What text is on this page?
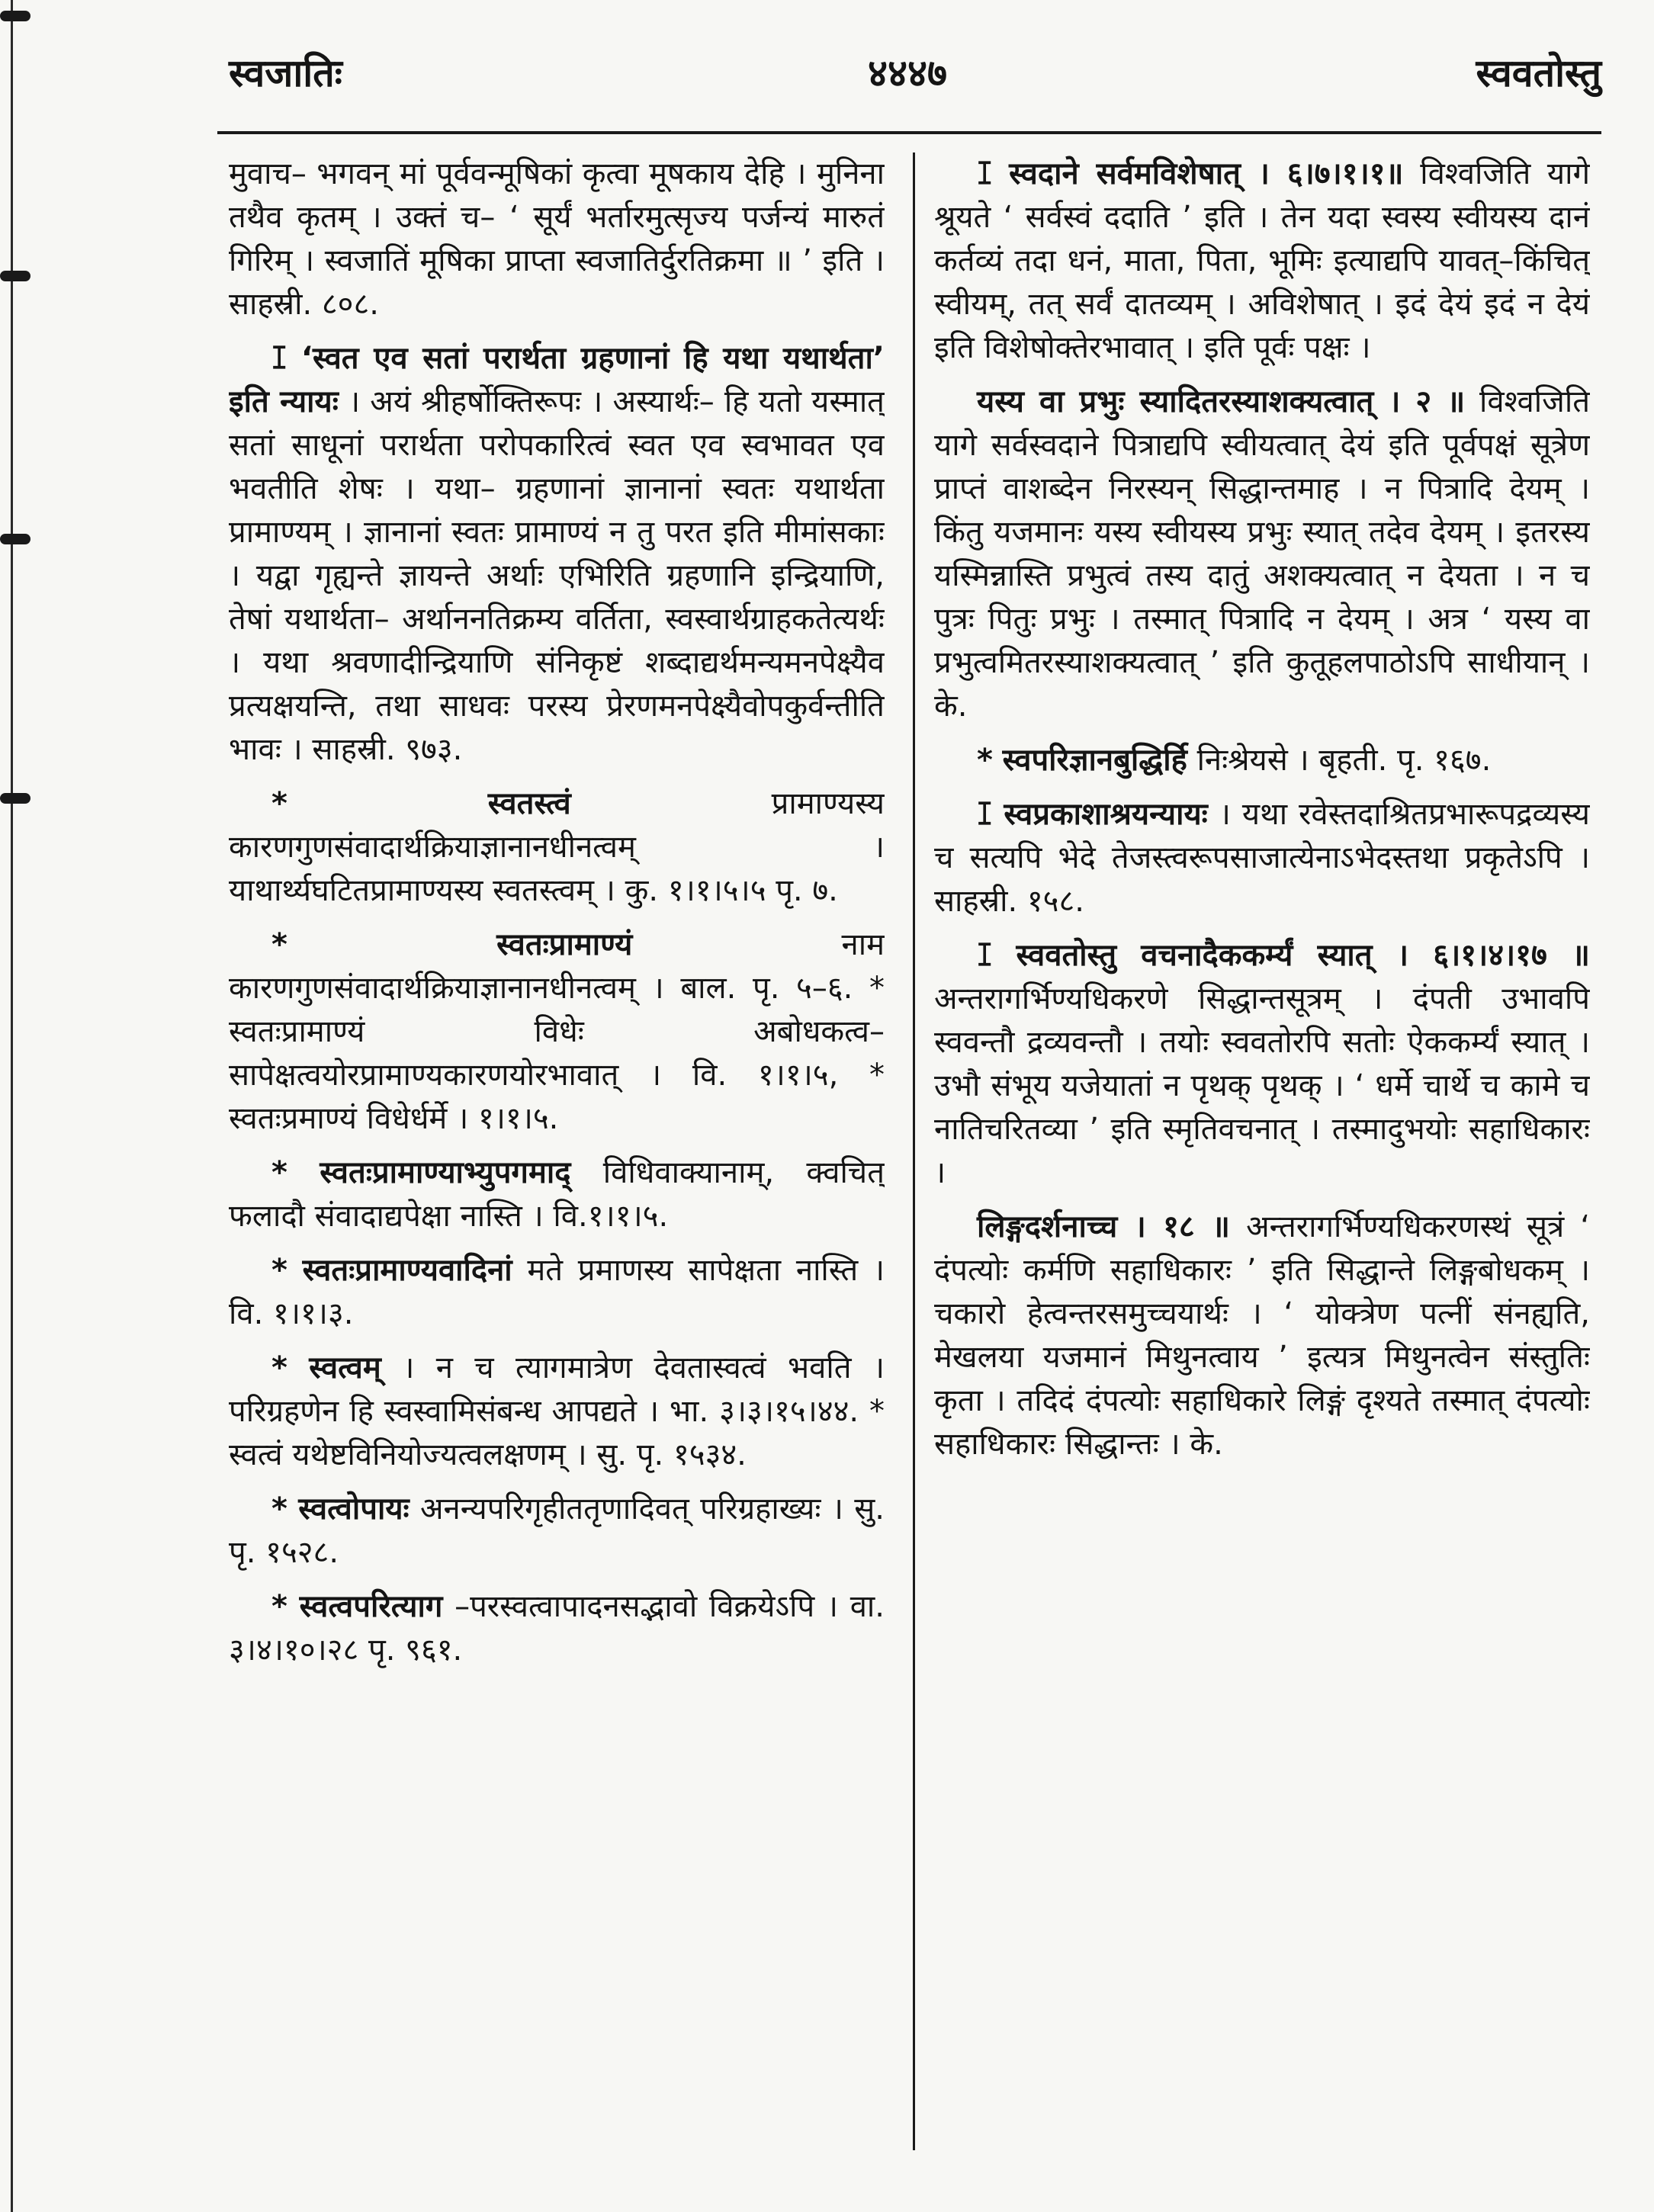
स्वजातिः	४४४७	स्ववतोस्तु

मुवाच– भगवन् मां पूर्ववन्मूषिकां कृत्वा मूषकाय देहि । मुनिना तथैव कृतम् । उक्तं च– ‘ सूर्यं भर्तारमुत्सृज्य पर्जन्यं मारुतं गिरिम् । स्वजातिं मूषिका प्राप्ता स्वजातिर्दुरतिक्रमा ॥ ’ इति । साहस्री. ८०८.

ꕯ ‘स्वत एव सतां परार्थता ग्रहणानां हि यथा यथार्थता’ इति न्यायः । अयं श्रीहर्षोक्तिरूपः । अस्यार्थः– हि यतो यस्मात् सतां साधूनां परार्थता परोपकारित्वं स्वत एव स्वभावत एव भवतीति शेषः । यथा– ग्रहणानां ज्ञानानां स्वतः यथार्थता प्रामाण्यम् । ज्ञानानां स्वतः प्रामाण्यं न तु परत इति मीमांसकाः । यद्वा गृह्यन्ते ज्ञायन्ते अर्थाः एभिरिति ग्रहणानि इन्द्रियाणि, तेषां यथार्थता– अर्थाननतिक्रम्य वर्तिता, स्वस्वार्थग्राहकतेत्यर्थः । यथा श्रवणादीन्द्रियाणि संनिकृष्टं शब्दाद्यर्थमन्यमनपेक्ष्यैव प्रत्यक्षयन्ति, तथा साधवः परस्य प्रेरणमनपेक्ष्यैवोपकुर्वन्तीति भावः । साहस्री. ९७३.

*	स्वतस्त्वं	प्रामाण्यस्य कारणगुणसंवादार्थक्रियाज्ञानानधीनत्वम् । याथार्थ्यघटितप्रामाण्यस्य स्वतस्त्वम् । कु. १।१।५।५ पृ. ७.

*	स्वतःप्रामाण्यं	नाम कारणगुणसंवादार्थक्रियाज्ञानानधीनत्वम् । बाल. पृ. ५–६. * स्वतःप्रामाण्यं विधेः अबोधकत्व–सापेक्षत्वयोरप्रामाण्यकारणयोरभावात् । वि. १।१।५, * स्वतःप्रमाण्यं विधेर्धर्मे । १।१।५.

* स्वतःप्रामाण्याभ्युपगमाद् विधिवाक्यानाम्, क्वचित् फलादौ संवादाद्यपेक्षा नास्ति । वि.१।१।५.

* स्वतःप्रामाण्यवादिनां मते प्रमाणस्य सापेक्षता नास्ति । वि. १।१।३.

* स्वत्वम् । न च त्यागमात्रेण देवतास्वत्वं भवति । परिग्रहणेन हि स्वस्वामिसंबन्ध आपद्यते । भा. ३।३।१५।४४. * स्वत्वं यथेष्टविनियोज्यत्वलक्षणम् । सु. पृ. १५३४.

* स्वत्वोपायः अनन्यपरिगृहीततृणादिवत् परिग्रहाख्यः । सु. पृ. १५२८.

* स्वत्वपरित्याग –परस्वत्वापादनसद्भावो विक्रयेऽपि । वा. ३।४।१०।२८ पृ. ९६१.

ꕯ स्वदाने सर्वमविशेषात् । ६।७।१।१॥ विश्वजिति यागे श्रूयते ‘ सर्वस्वं ददाति ’ इति । तेन यदा स्वस्य स्वीयस्य दानं कर्तव्यं तदा धनं, माता, पिता, भूमिः इत्याद्यपि यावत्–किंचित् स्वीयम्, तत् सर्वं दातव्यम् । अविशेषात् । इदं देयं इदं न देयं इति विशेषोक्तेरभावात् । इति पूर्वः पक्षः ।

यस्य वा प्रभुः स्यादितरस्याशक्यत्वात् । २ ॥ विश्वजिति यागे सर्वस्वदाने पित्राद्यपि स्वीयत्वात् देयं इति पूर्वपक्षं सूत्रेण प्राप्तं वाशब्देन निरस्यन् सिद्धान्तमाह । न पित्रादि देयम् । किंतु यजमानः यस्य स्वीयस्य प्रभुः स्यात् तदेव देयम् । इतरस्य यस्मिन्नास्ति प्रभुत्वं तस्य दातुं अशक्यत्वात् न देयता । न च पुत्रः पितुः प्रभुः । तस्मात् पित्रादि न देयम् । अत्र ‘ यस्य वा प्रभुत्वमितरस्याशक्यत्वात् ’ इति कुतूहलपाठोऽपि साधीयान् । के.

* स्वपरिज्ञानबुद्धिर्हि निःश्रेयसे । बृहती. पृ. १६७.

ꕯ स्वप्रकाशाश्रयन्यायः । यथा रवेस्तदाश्रितप्रभारूपद्रव्यस्य च सत्यपि भेदे तेजस्त्वरूपसाजात्येनाऽभेदस्तथा प्रकृतेऽपि । साहस्री. १५८.

ꕯ स्ववतोस्तु वचनादैककर्म्यं स्यात् । ६।१।४।१७ ॥ अन्तरागर्भिण्यधिकरणे सिद्धान्तसूत्रम् । दंपती उभावपि स्ववन्तौ द्रव्यवन्तौ । तयोः स्ववतोरपि सतोः ऐककर्म्यं स्यात् । उभौ संभूय यजेयातां न पृथक् पृथक् । ‘ धर्मे चार्थे च कामे च नातिचरितव्या ’ इति स्मृतिवचनात् । तस्मादुभयोः सहाधिकारः ।

लिङ्गदर्शनाच्च । १८ ॥ अन्तरागर्भिण्यधिकरणस्थं सूत्रं ‘ दंपत्योः कर्मणि सहाधिकारः ’ इति सिद्धान्ते लिङ्गबोधकम् । चकारो हेत्वन्तरसमुच्चयार्थः । ‘ योक्त्रेण पत्नीं संनह्यति, मेखलया यजमानं मिथुनत्वाय ’ इत्यत्र मिथुनत्वेन संस्तुतिः कृता । तदिदं दंपत्योः सहाधिकारे लिङ्गं दृश्यते तस्मात् दंपत्योः सहाधिकारः सिद्धान्तः । के.
